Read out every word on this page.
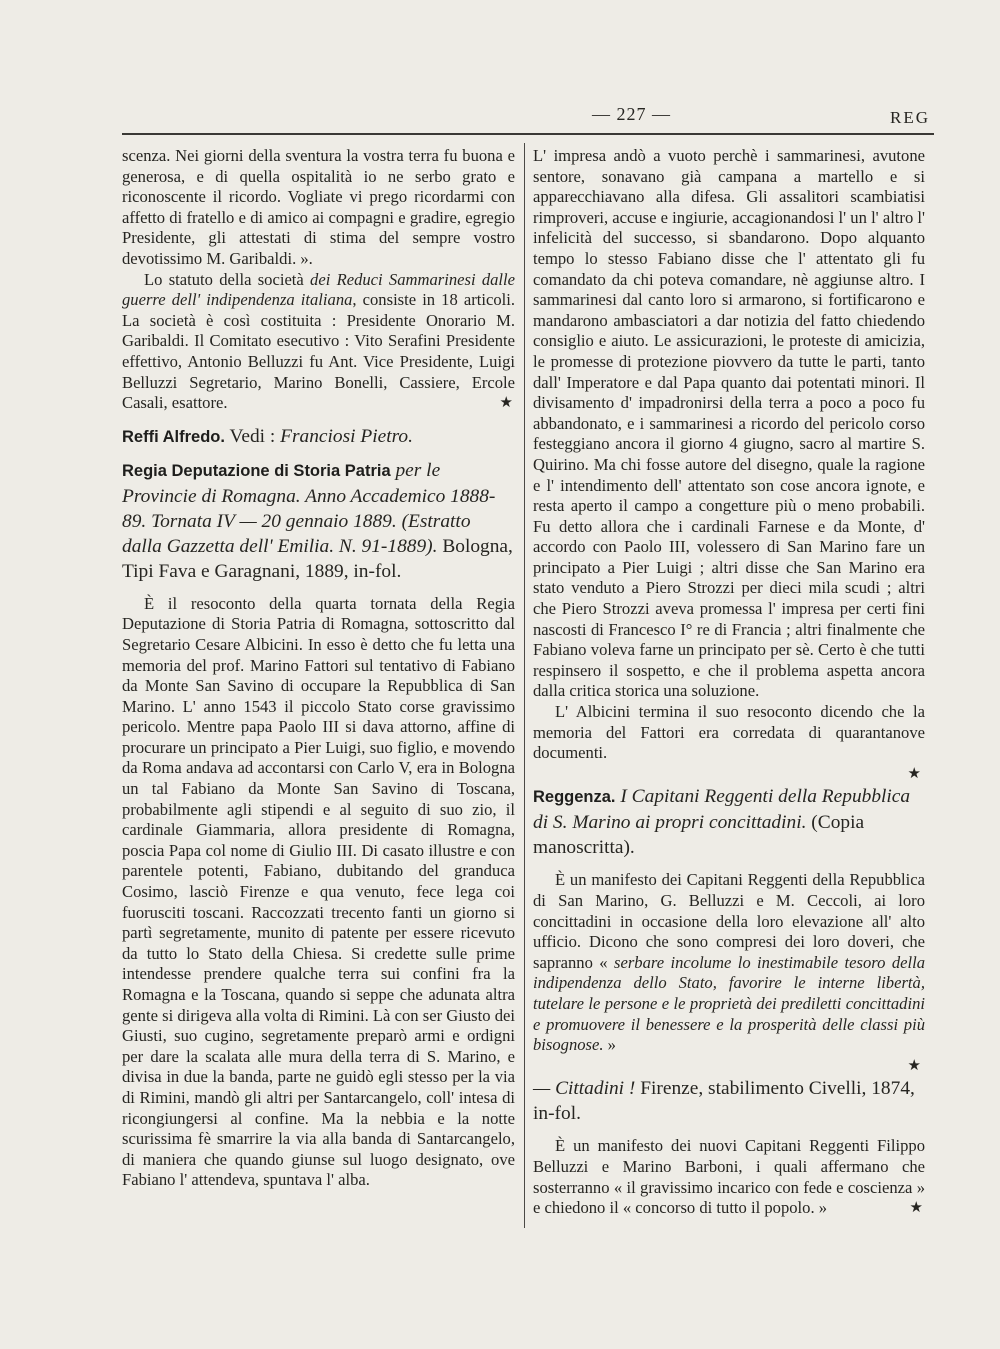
— 227 —	REG

scenza. Nei giorni della sventura la vostra terra fu buona e generosa, e di quella ospitalità io ne serbo grato e riconoscente il ricordo. Vogliate vi prego ricordarmi con affetto di fratello e di amico ai compagni e gradire, egregio Presidente, gli attestati di stima del sempre vostro devotissimo M. Garibaldi. ».

Lo statuto della società dei Reduci Sammarinesi dalle guerre dell' indipendenza italiana, consiste in 18 articoli. La società è così costituita : Presidente Onorario M. Garibaldi. Il Comitato esecutivo : Vito Serafini Presidente effettivo, Antonio Belluzzi fu Ant. Vice Presidente, Luigi Belluzzi Segretario, Marino Bonelli, Cassiere, Ercole Casali, esattore.	★

Reffi Alfredo. Vedi : Franciosi Pietro.

Regia Deputazione di Storia Patria per le Provincie di Romagna. Anno Accademico 1888-89. Tornata IV — 20 gennaio 1889. (Estratto dalla Gazzetta dell' Emilia. N. 91-1889). Bologna, Tipi Fava e Garagnani, 1889, in-fol.

È il resoconto della quarta tornata della Regia Deputazione di Storia Patria di Romagna, sottoscritto dal Segretario Cesare Albicini. In esso è detto che fu letta una memoria del prof. Marino Fattori sul tentativo di Fabiano da Monte San Savino di occupare la Repubblica di San Marino. L' anno 1543 il piccolo Stato corse gravissimo pericolo. Mentre papa Paolo III si dava attorno, affine di procurare un principato a Pier Luigi, suo figlio, e movendo da Roma andava ad accontarsi con Carlo V, era in Bologna un tal Fabiano da Monte San Savino di Toscana, probabilmente agli stipendi e al seguito di suo zio, il cardinale Giammaria, allora presidente di Romagna, poscia Papa col nome di Giulio III. Di casato illustre e con parentele potenti, Fabiano, dubitando del granduca Cosimo, lasciò Firenze e qua venuto, fece lega coi fuorusciti toscani. Raccozzati trecento fanti un giorno si partì segretamente, munito di patente per essere ricevuto da tutto lo Stato della Chiesa. Si credette sulle prime intendesse prendere qualche terra sui confini fra la Romagna e la Toscana, quando si seppe che adunata altra gente si dirigeva alla volta di Rimini. Là con ser Giusto dei Giusti, suo cugino, segretamente preparò armi e ordigni per dare la scalata alle mura della terra di S. Marino, e divisa in due la banda, parte ne guidò egli stesso per la via di Rimini, mandò gli altri per Santarcangelo, coll' intesa di ricongiungersi al confine. Ma la nebbia e la notte scurissima fè smarrire la via alla banda di Santarcangelo, di maniera che quando giunse sul luogo designato, ove Fabiano l' attendeva, spuntava l' alba.

L' impresa andò a vuoto perchè i sammarinesi, avutone sentore, sonavano già campana a martello e si apparecchiavano alla difesa. Gli assalitori scambiatisi rimproveri, accuse e ingiurie, accagionandosi l' un l' altro l' infelicità del successo, si sbandarono. Dopo alquanto tempo lo stesso Fabiano disse che l' attentato gli fu comandato da chi poteva comandare, nè aggiunse altro. I sammarinesi dal canto loro si armarono, si fortificarono e mandarono ambasciatori a dar notizia del fatto chiedendo consiglio e aiuto. Le assicurazioni, le proteste di amicizia, le promesse di protezione piovvero da tutte le parti, tanto dall' Imperatore e dal Papa quanto dai potentati minori. Il divisamento d' impadronirsi della terra a poco a poco fu abbandonato, e i sammarinesi a ricordo del pericolo corso festeggiano ancora il giorno 4 giugno, sacro al martire S. Quirino. Ma chi fosse autore del disegno, quale la ragione e l' intendimento dell' attentato son cose ancora ignote, e resta aperto il campo a congetture più o meno probabili. Fu detto allora che i cardinali Farnese e da Monte, d' accordo con Paolo III, volessero di San Marino fare un principato a Pier Luigi ; altri disse che San Marino era stato venduto a Piero Strozzi per dieci mila scudi ; altri che Piero Strozzi aveva promessa l' impresa per certi fini nascosti di Francesco I° re di Francia ; altri finalmente che Fabiano voleva farne un principato per sè. Certo è che tutti respinsero il sospetto, e che il problema aspetta ancora dalla critica storica una soluzione.

L' Albicini termina il suo resoconto dicendo che la memoria del Fattori era corredata di quarantanove documenti.

★

Reggenza. I Capitani Reggenti della Repubblica di S. Marino ai propri concittadini. (Copia manoscritta).

È un manifesto dei Capitani Reggenti della Repubblica di San Marino, G. Belluzzi e M. Ceccoli, ai loro concittadini in occasione della loro elevazione all' alto ufficio. Dicono che sono compresi dei loro doveri, che sapranno « serbare incolume lo inestimabile tesoro della indipendenza dello Stato, favorire le interne libertà, tutelare le persone e le proprietà dei prediletti concittadini e promuovere il benessere e la prosperità delle classi più bisognose. »

★

— Cittadini ! Firenze, stabilimento Civelli, 1874, in-fol.

È un manifesto dei nuovi Capitani Reggenti Filippo Belluzzi e Marino Barboni, i quali affermano che sosterranno « il gravissimo incarico con fede e coscienza » e chiedono il « concorso di tutto il popolo. »	★
